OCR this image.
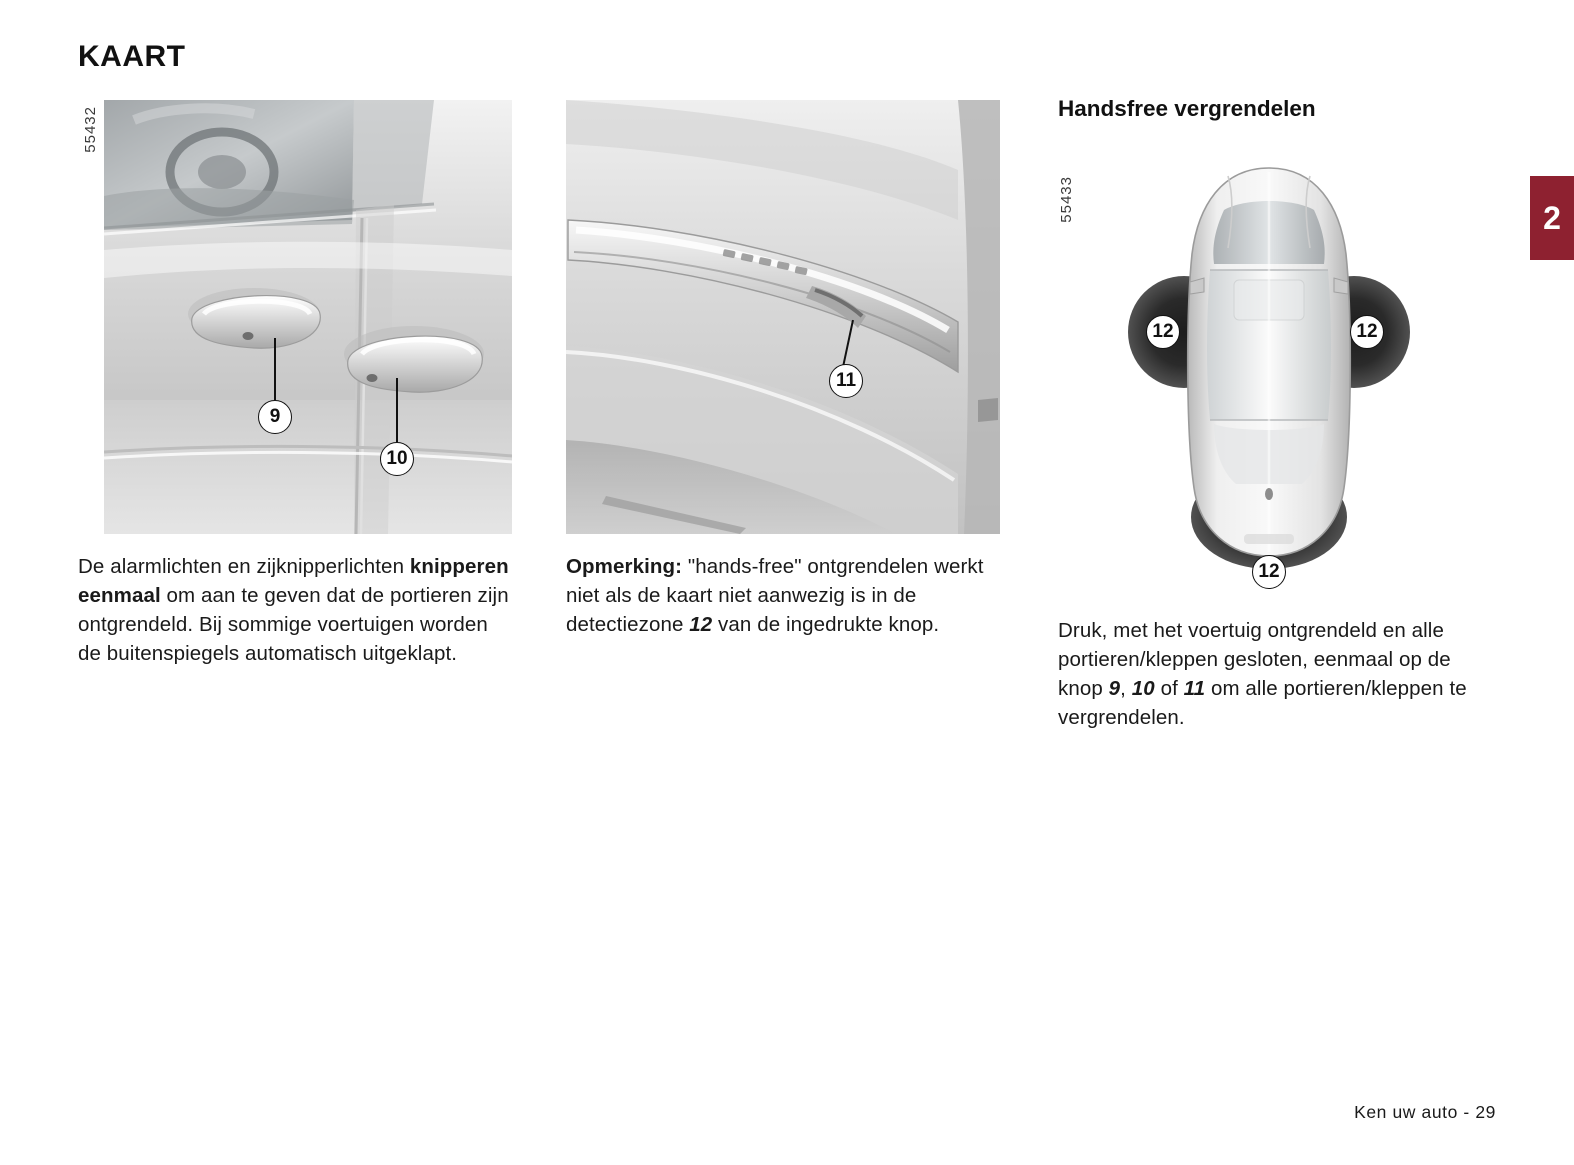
KAART
2
55432
9
10
De alarmlichten en zijknipperlichten knipperen eenmaal om aan te geven dat de portieren zijn ontgrendeld. Bij sommige voertuigen worden de buitenspiegels automatisch uitgeklapt.
11
Opmerking: "hands-free" ontgrendelen werkt niet als de kaart niet aanwezig is in de detectiezone 12 van de ingedrukte knop.
Handsfree vergrendelen
55433
12	12
12
Druk, met het voertuig ontgrendeld en alle portieren/kleppen gesloten, eenmaal op de knop 9, 10 of 11 om alle portieren/kleppen te vergrendelen.
Ken uw auto - 29
